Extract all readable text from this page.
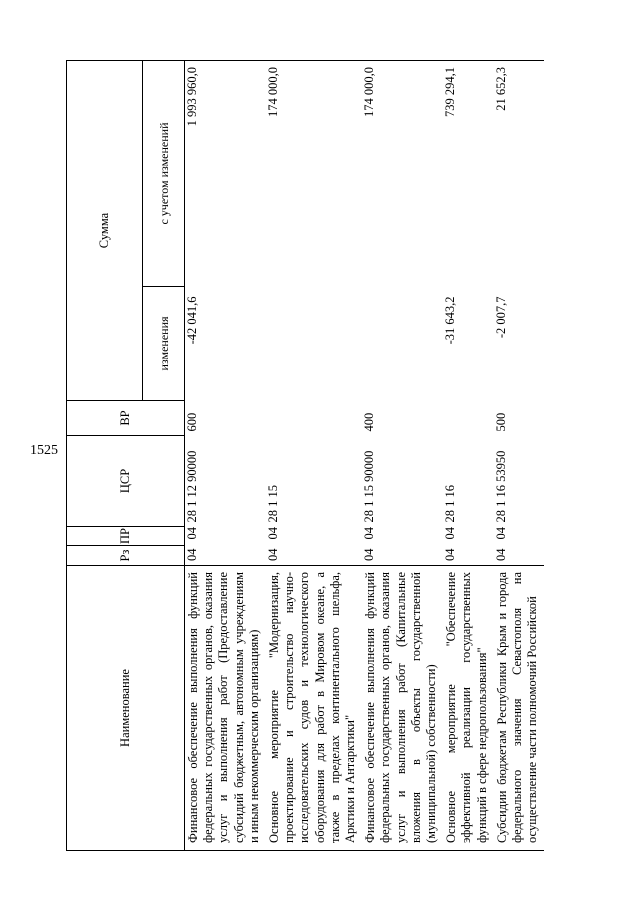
1525
Наименование	Рз	ПР	ЦСР	ВР	Сумма	
					изменения	с учетом изменений

Финансовое обеспечение выполнения функций федеральных государственных органов, оказания услуг и выполнения работ (Предоставление субсидий бюджетным, автономным учреждениям и иным некоммерческим организациям)	04	04	28 1 12 90000	600	-42 041,6	1 993 960,0

Основное мероприятие "Модернизация, проектирование и строительство научно-исследовательских судов и технологического оборудования для работ в Мировом океане, а также в пределах континентального шельфа, Арктики и Антарктики"	04	04	28 1 15			174 000,0

Финансовое обеспечение выполнения функций федеральных государственных органов, оказания услуг и выполнения работ (Капитальные вложения в объекты государственной (муниципальной) собственности)	04	04	28 1 15 90000	400		174 000,0

Основное мероприятие "Обеспечение эффективной реализации государственных функций в сфере недропользования"	04	04	28 1 16		-31 643,2	739 294,1

Субсидии бюджетам Республики Крым и города федерального значения Севастополя на осуществление части полномочий Российской	04	04	28 1 16 53950	500	-2 007,7	21 652,3
